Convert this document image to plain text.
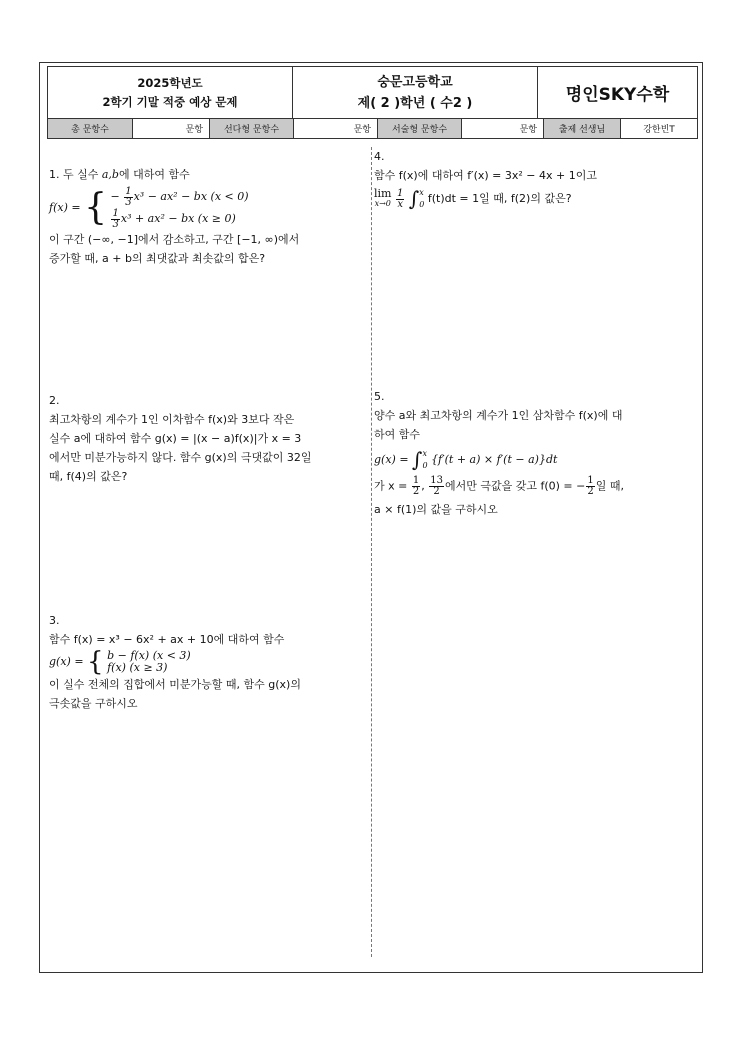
2025학년도
2학기 기말 적중 예상 문제
숭문고등학교
제( 2 )학년 ( 수2 )	명인SKY수학
총 문항수	문항	선다형 문항수	문항	서술형 문항수	문항	출제 선생님	강한빈T
1. 두 실수 a,b에 대하여 함수
f(x) = { − $\frac{1}{3} x^3 - ax^2$ − bx (x < 0)
$\frac{1}{3} x^3 + ax^2$ − bx (x ≥ 0)
이 구간 (−∞, −1]에서 감소하고, 구간 [−1, ∞)에서
증가할 때, a + b의 최댓값과 최솟값의 합은?
2.
최고차항의 계수가 1인 이차함수 f(x)와 3보다 작은
실수 a에 대하여 함수 g(x) = |(x − a)f(x)|가 x = 3
에서만 미분가능하지 않다. 함수 g(x)의 극댓값이 32일
때, f(4)의 값은?
3.
함수 f(x) = x³ − 6x² + ax + 10에 대하여 함수
g(x) = { b − f(x) (x < 3)
f(x) (x ≥ 3)
이 실수 전체의 집합에서 미분가능할 때, 함수 g(x)의
극솟값을 구하시오
4.
함수 f(x)에 대하여 f′(x) = 3x² − 4x + 1이고
lim
x→0
$\frac{1}{x}$ ∫ x
0 f(t)dt = 1일 때, f(2)의 값은?
5.
양수 a와 최고차항의 계수가 1인 삼차함수 f(x)에 대
하여 함수
g(x) = ∫ x
0 {f′(t + a) × f′(t − a)}dt
가 $x = \frac{1}{2}$ , $\frac{13}{2}$ 에서만 극값을 갖고 f(0) = − $\frac{1}{2}$ 일 때,
a × f(1)의 값을 구하시오
